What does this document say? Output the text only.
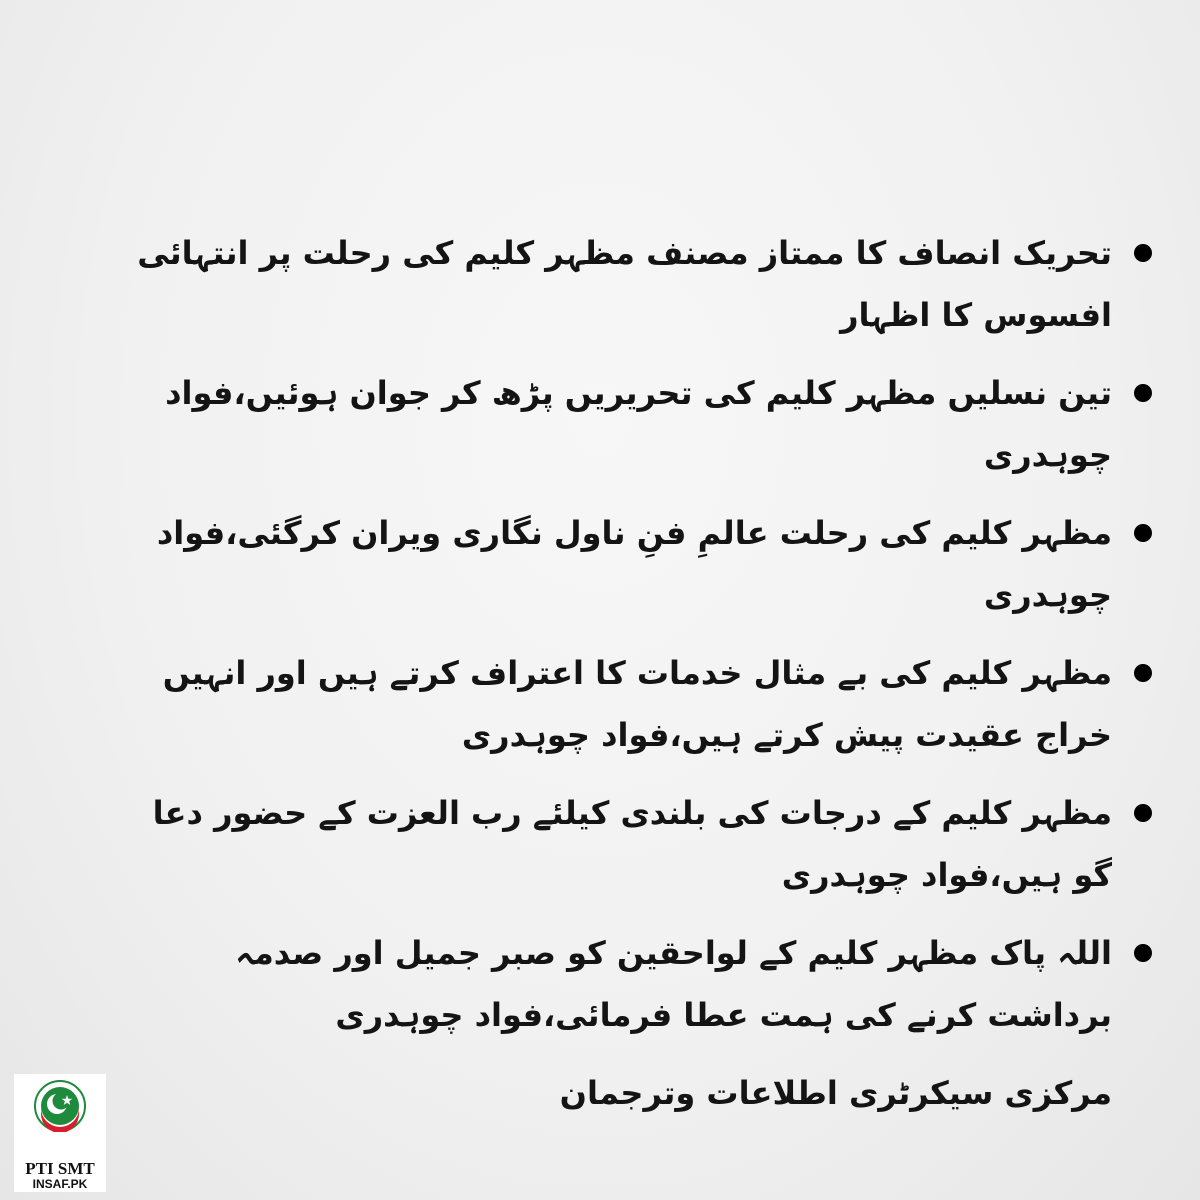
تحریک انصاف کا ممتاز مصنف مظہر کلیم کی رحلت پر انتہائی افسوس کا اظہار
تین نسلیں مظہر کلیم کی تحریریں پڑھ کر جوان ہوئیں،فواد چوہدری
مظہر کلیم کی رحلت عالمِ فنِ ناول نگاری ویران کرگئی،فواد چوہدری
مظہر کلیم کی بے مثال خدمات کا اعتراف کرتے ہیں اور انہیں خراج عقیدت پیش کرتے ہیں،فواد چوہدری
مظہر کلیم کے درجات کی بلندی کیلئے رب العزت کے حضور دعا گو ہیں،فواد چوہدری
اللہ پاک مظہر کلیم کے لواحقین کو صبر جمیل اور صدمہ برداشت کرنے کی ہمت عطا فرمائی،فواد چوہدری
مرکزی سیکرٹری اطلاعات وترجمان
PTI SMT
INSAF.PK
